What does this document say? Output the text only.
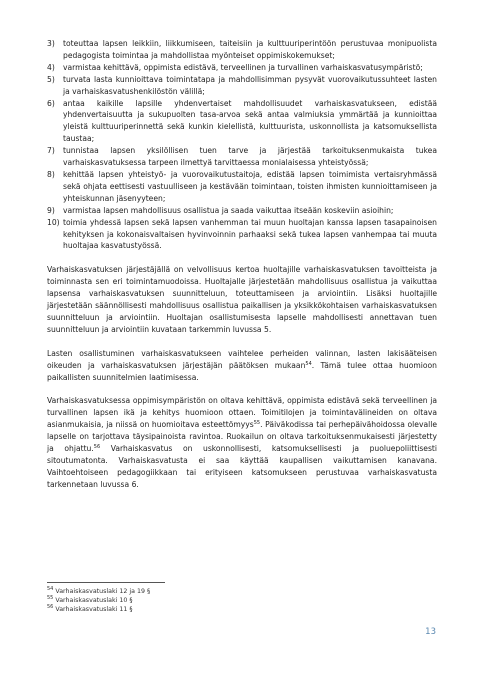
3)	toteuttaa lapsen leikkiin, liikkumiseen, taiteisiin ja kulttuuriperintöön perustuvaa monipuolista pedagogista toimintaa ja mahdollistaa myönteiset oppimiskokemukset;
4)	varmistaa kehittävä, oppimista edistävä, terveellinen ja turvallinen varhaiskasvatusympäristö;
5)	turvata lasta kunnioittava toimintatapa ja mahdollisimman pysyvät vuorovaikutussuhteet lasten ja varhaiskasvatushenkilöstön välillä;
6)	antaa kaikille lapsille yhdenvertaiset mahdollisuudet varhaiskasvatukseen, edistää yhdenvertaisuutta ja sukupuolten tasa-arvoa sekä antaa valmiuksia ymmärtää ja kunnioittaa yleistä kulttuuriperinnettä sekä kunkin kielellistä, kulttuurista, uskonnollista ja katsomuksellista taustaa;
7)	tunnistaa lapsen yksilöllisen tuen tarve ja järjestää tarkoituksenmukaista tukea varhaiskasvatuksessa tarpeen ilmettyä tarvittaessa monialaisessa yhteistyössä;
8)	kehittää lapsen yhteistyö- ja vuorovaikutustaitoja, edistää lapsen toimimista vertaisryhmässä sekä ohjata eettisesti vastuulliseen ja kestävään toimintaan, toisten ihmisten kunnioittamiseen ja yhteiskunnan jäsenyyteen;
9)	varmistaa lapsen mahdollisuus osallistua ja saada vaikuttaa itseään koskeviin asioihin;
10) toimia yhdessä lapsen sekä lapsen vanhemman tai muun huoltajan kanssa lapsen tasapainoisen kehityksen ja kokonaisvaltaisen hyvinvoinnin parhaaksi sekä tukea lapsen vanhempaa tai muuta huoltajaa kasvatustyössä.

Varhaiskasvatuksen järjestäjällä on velvollisuus kertoa huoltajille varhaiskasvatuksen tavoitteista ja toiminnasta sen eri toimintamuodoissa. Huoltajalle järjestetään mahdollisuus osallistua ja vaikuttaa lapsensa varhaiskasvatuksen suunnitteluun, toteuttamiseen ja arviointiin. Lisäksi huoltajille järjestetään säännöllisesti mahdollisuus osallistua paikallisen ja yksikkökohtaisen varhaiskasvatuksen suunnitteluun ja arviointiin. Huoltajan osallistumisesta lapselle mahdollisesti annettavan tuen suunnitteluun ja arviointiin kuvataan tarkemmin luvussa 5.

Lasten osallistuminen varhaiskasvatukseen vaihtelee perheiden valinnan, lasten lakisääteisen oikeuden ja varhaiskasvatuksen järjestäjän päätöksen mukaan$^{54}$. Tämä tulee ottaa huomioon paikallisten suunnitelmien laatimisessa.

Varhaiskasvatuksessa oppimisympäristön on oltava kehittävä, oppimista edistävä sekä terveellinen ja turvallinen lapsen ikä ja kehitys huomioon ottaen. Toimitilojen ja toimintavälineiden on oltava asianmukaisia, ja niissä on huomioitava esteettömyys$^{55}$. Päiväkodissa tai perhepäivähoidossa olevalle lapselle on tarjottava täysipainoista ravintoa. Ruokailun on oltava tarkoituksenmukaisesti järjestetty ja ohjattu.$^{56}$ Varhaiskasvatus on uskonnollisesti, katsomuksellisesti ja puoluepoliittisesti sitoutumatonta. Varhaiskasvatusta ei saa käyttää kaupallisen vaikuttamisen kanavana. Vaihtoehtoiseen pedagogiikkaan tai erityiseen katsomukseen perustuvaa varhaiskasvatusta tarkennetaan luvussa 6.

$^{54}$ Varhaiskasvatuslaki 12 ja 19 §
$^{55}$ Varhaiskasvatuslaki 10 §
$^{56}$ Varhaiskasvatuslaki 11 §
13
